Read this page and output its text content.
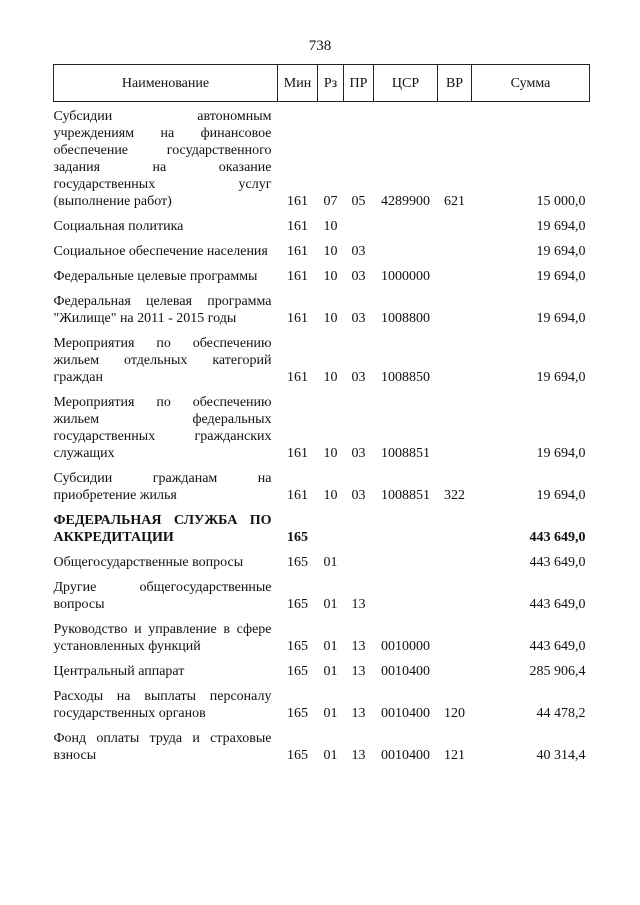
738
Наименование	Мин	Рз	ПР	ЦСР	ВР	Сумма

Субсидии автономным учреждениям на финансовое обеспечение государственного задания на оказание государственных услуг (выполнение работ)	161	07	05	4289900	621	15 000,0

Социальная политика	161	10				19 694,0

Социальное обеспечение населения	161	10	03			19 694,0

Федеральные целевые программы	161	10	03	1000000		19 694,0

Федеральная целевая программа "Жилище" на 2011 - 2015 годы	161	10	03	1008800		19 694,0

Мероприятия по обеспечению жильем отдельных категорий граждан	161	10	03	1008850		19 694,0

Мероприятия по обеспечению жильем федеральных государственных гражданских служащих	161	10	03	1008851		19 694,0

Субсидии гражданам на приобретение жилья	161	10	03	1008851	322	19 694,0

ФЕДЕРАЛЬНАЯ СЛУЖБА ПО АККРЕДИТАЦИИ	165					443 649,0

Общегосударственные вопросы	165	01				443 649,0

Другие общегосударственные вопросы	165	01	13			443 649,0

Руководство и управление в сфере установленных функций	165	01	13	0010000		443 649,0

Центральный аппарат	165	01	13	0010400		285 906,4

Расходы на выплаты персоналу государственных органов	165	01	13	0010400	120	44 478,2

Фонд оплаты труда и страховые взносы	165	01	13	0010400	121	40 314,4
